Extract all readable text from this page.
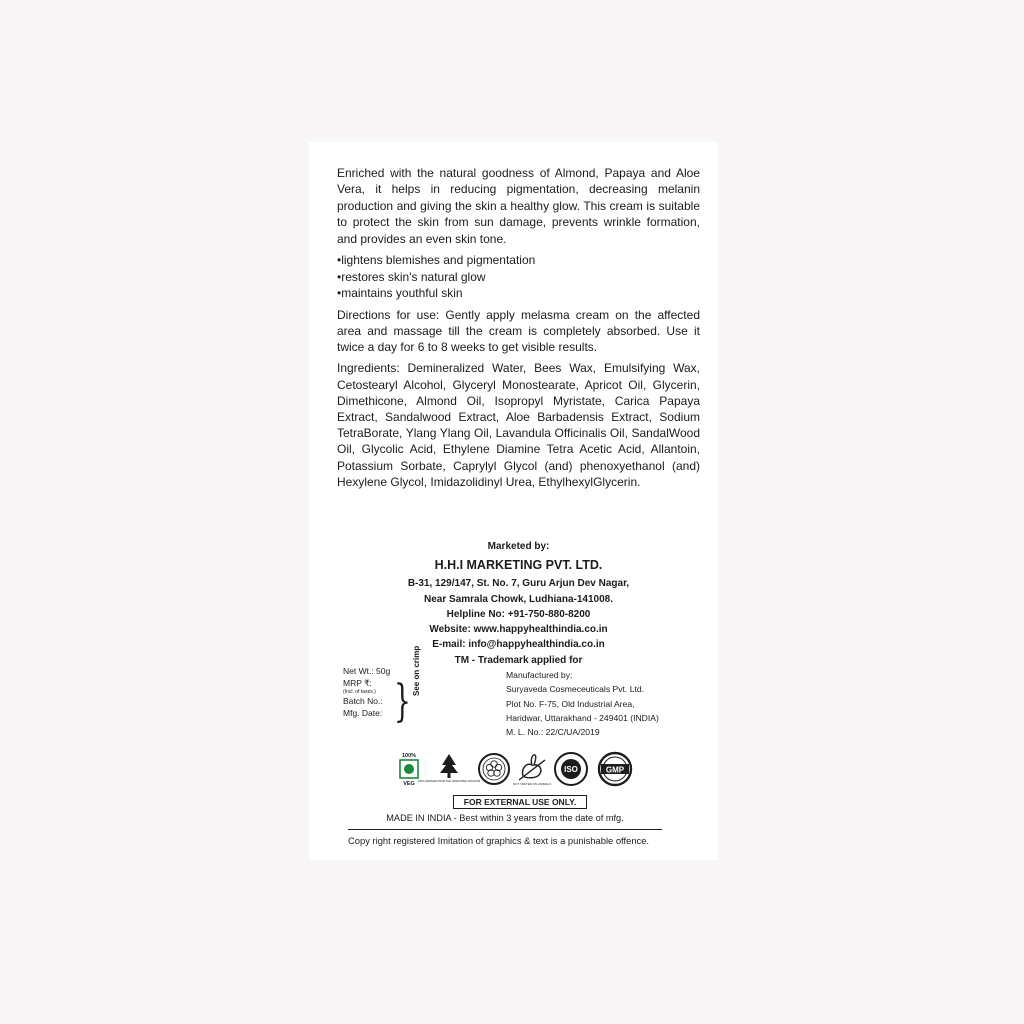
Enriched with the natural goodness of Almond, Papaya and Aloe Vera, it helps in reducing pigmentation, decreasing melanin production and giving the skin a healthy glow. This cream is suitable to protect the skin from sun damage, prevents wrinkle formation, and provides an even skin tone.

• lightens blemishes and pigmentation
• restores skin's natural glow
• maintains youthful skin

Directions for use: Gently apply melasma cream on the affected area and massage till the cream is completely absorbed. Use it twice a day for 6 to 8 weeks to get visible results.

Ingredients: Demineralized Water, Bees Wax, Emulsifying Wax, Cetostearyl Alcohol, Glyceryl Monostearate, Apricot Oil, Glycerin, Dimethicone, Almond Oil, Isopropyl Myristate, Carica Papaya Extract, Sandalwood Extract, Aloe Barbadensis Extract, Sodium TetraBorate, Ylang Ylang Oil, Lavandula Officinalis Oil, SandalWood Oil, Glycolic Acid, Ethylene Diamine Tetra Acetic Acid, Allantoin, Potassium Sorbate, Caprylyl Glycol (and) phenoxyethanol (and) Hexylene Glycol, Imidazolidinyl Urea, EthylhexylGlycerin.

Marketed by:
H.H.I MARKETING PVT. LTD.
B-31, 129/147, St. No. 7, Guru Arjun Dev Nagar,
Near Samrala Chowk, Ludhiana-141008.
Helpline No: +91-750-880-8200
Website: www.happyhealthindia.co.in
E-mail: info@happyhealthindia.co.in
TM - Trademark applied for
Net Wt.: 50g
MRP ₹:
(Incl. of taxes.)
Batch No.:
Mfg. Date: }
See on crimp	Manufactured by:
Suryaveda Cosmeceuticals Pvt. Ltd.
Plot No. F-75, Old Industrial Area,
Haridwar, Uttarakhand - 249401 (INDIA)
M. L. No.: 22/C/UA/2019
100%
VEG 100% DERIVED FROM THE VEGETABLE KINGDOM
NOT TESTED ON ANIMALS
ISO	GMP
FOR EXTERNAL USE ONLY.
MADE IN INDIA - Best within 3 years from the date of mfg.
Copy right registered Imitation of graphics & text is a punishable offence.
